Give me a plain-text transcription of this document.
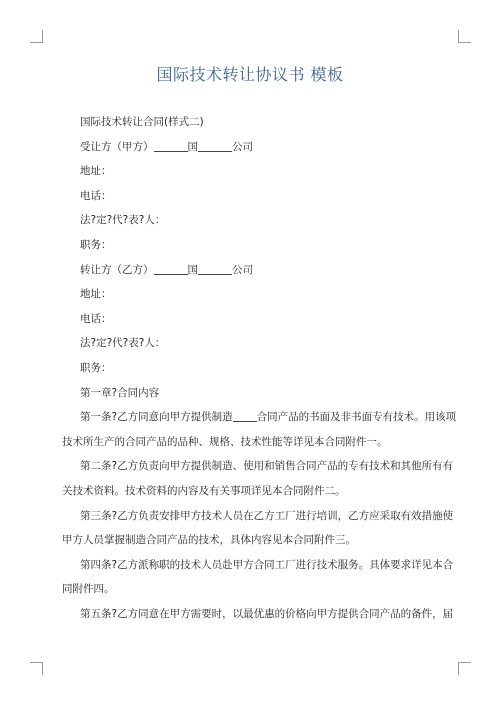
国际技术转让协议书 模板
国际技术转让合同(样式二)
受让方（甲方）	国	公司
地址：
电话：
法?定?代?表?人：
职务：
转让方（乙方）	国	公司
地址：
电话：
法?定?代?表?人：
职务：
第一章?合同内容
第一条?乙方同意向甲方提供制造 合同产品的书面及非书面专有技术。用该项
技术所生产的合同产品的品种、规格、技术性能等详见本合同附件一。
第二条?乙方负责向甲方提供制造、使用和销售合同产品的专有技术和其他所有有
关技术资料。技术资料的内容及有关事项详见本合同附件二。
第三条?乙方负责安排甲方技术人员在乙方工厂进行培训，乙方应采取有效措施使
甲方人员掌握制造合同产品的技术，具体内容见本合同附件三。
第四条?乙方派称职的技术人员赴甲方合同工厂进行技术服务。具体要求详见本合
同附件四。
第五条?乙方同意在甲方需要时，以最优惠的价格向甲方提供合同产品的备件，届
